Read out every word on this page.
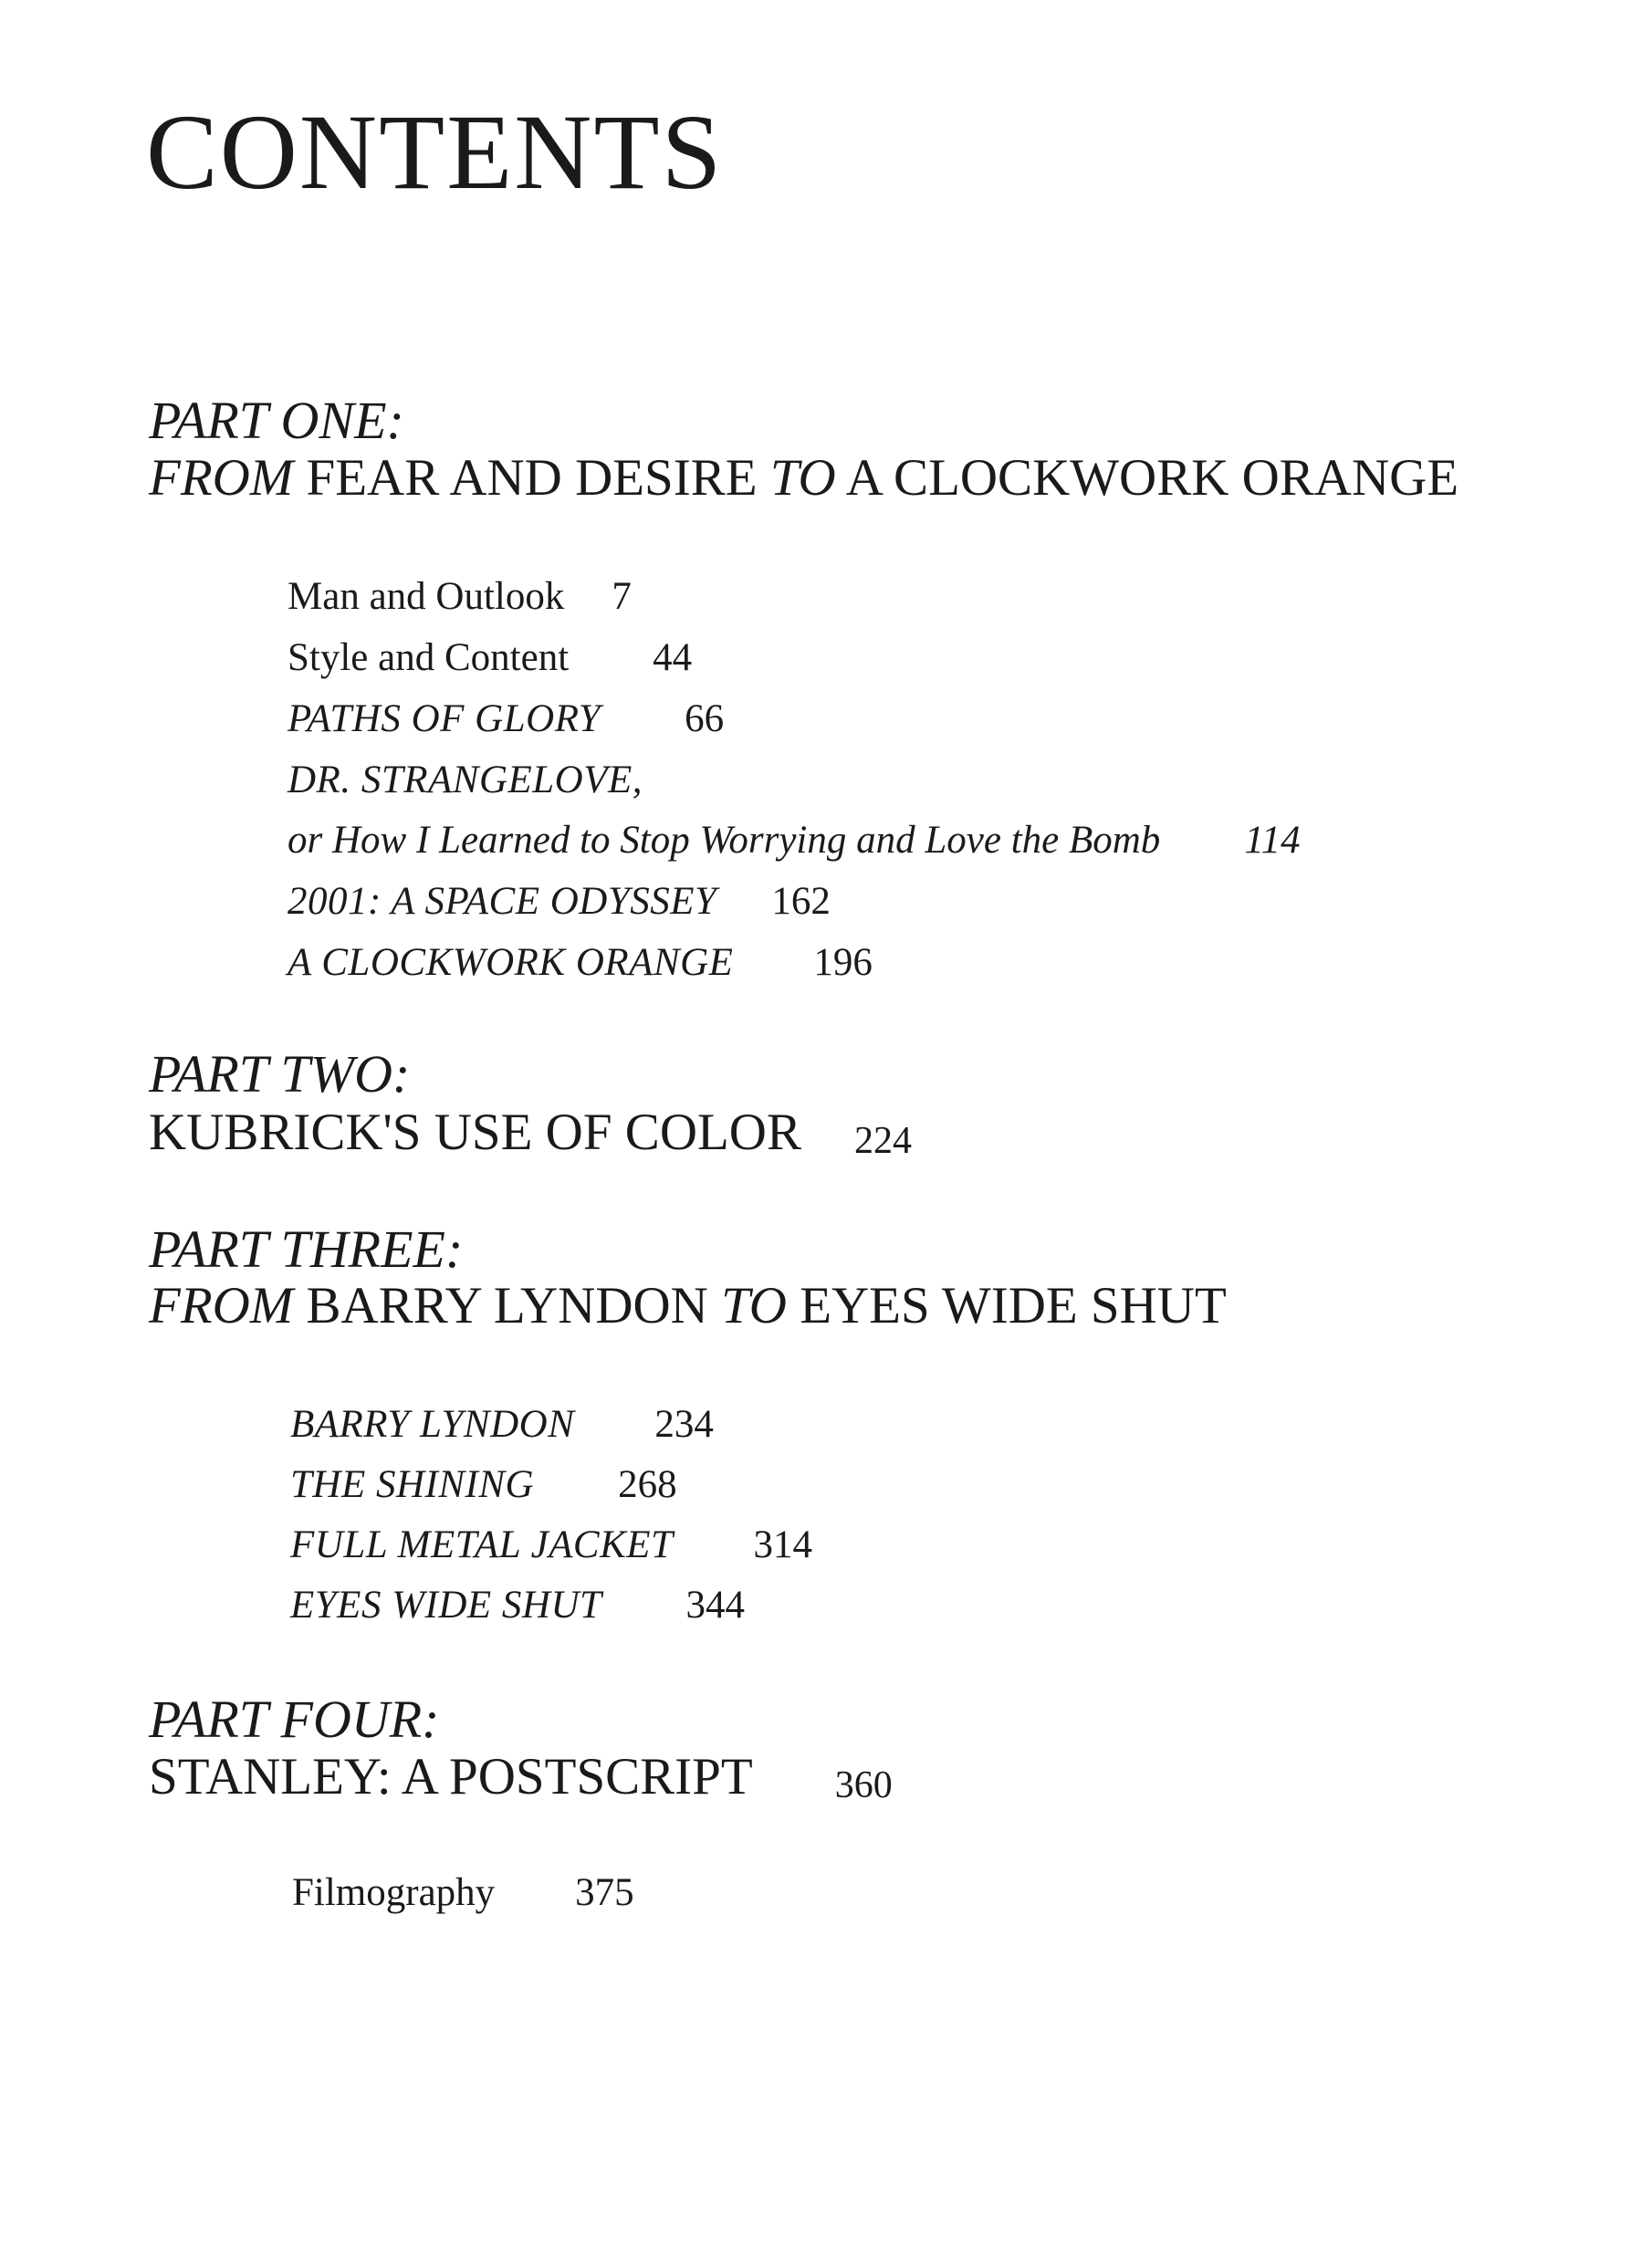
CONTENTS
PART ONE:
FROM FEAR AND DESIRE TO A CLOCKWORK ORANGE
Man and Outlook 7
Style and Content 44
PATHS OF GLORY 66
DR. STRANGELOVE,
or How I Learned to Stop Worrying and Love the Bomb 114
2001: A SPACE ODYSSEY 162
A CLOCKWORK ORANGE 196
PART TWO:
KUBRICK'S USE OF COLOR 224
PART THREE:
FROM BARRY LYNDON TO EYES WIDE SHUT
BARRY LYNDON 234
THE SHINING 268
FULL METAL JACKET 314
EYES WIDE SHUT 344
PART FOUR:
STANLEY: A POSTSCRIPT 360
Filmography 375
